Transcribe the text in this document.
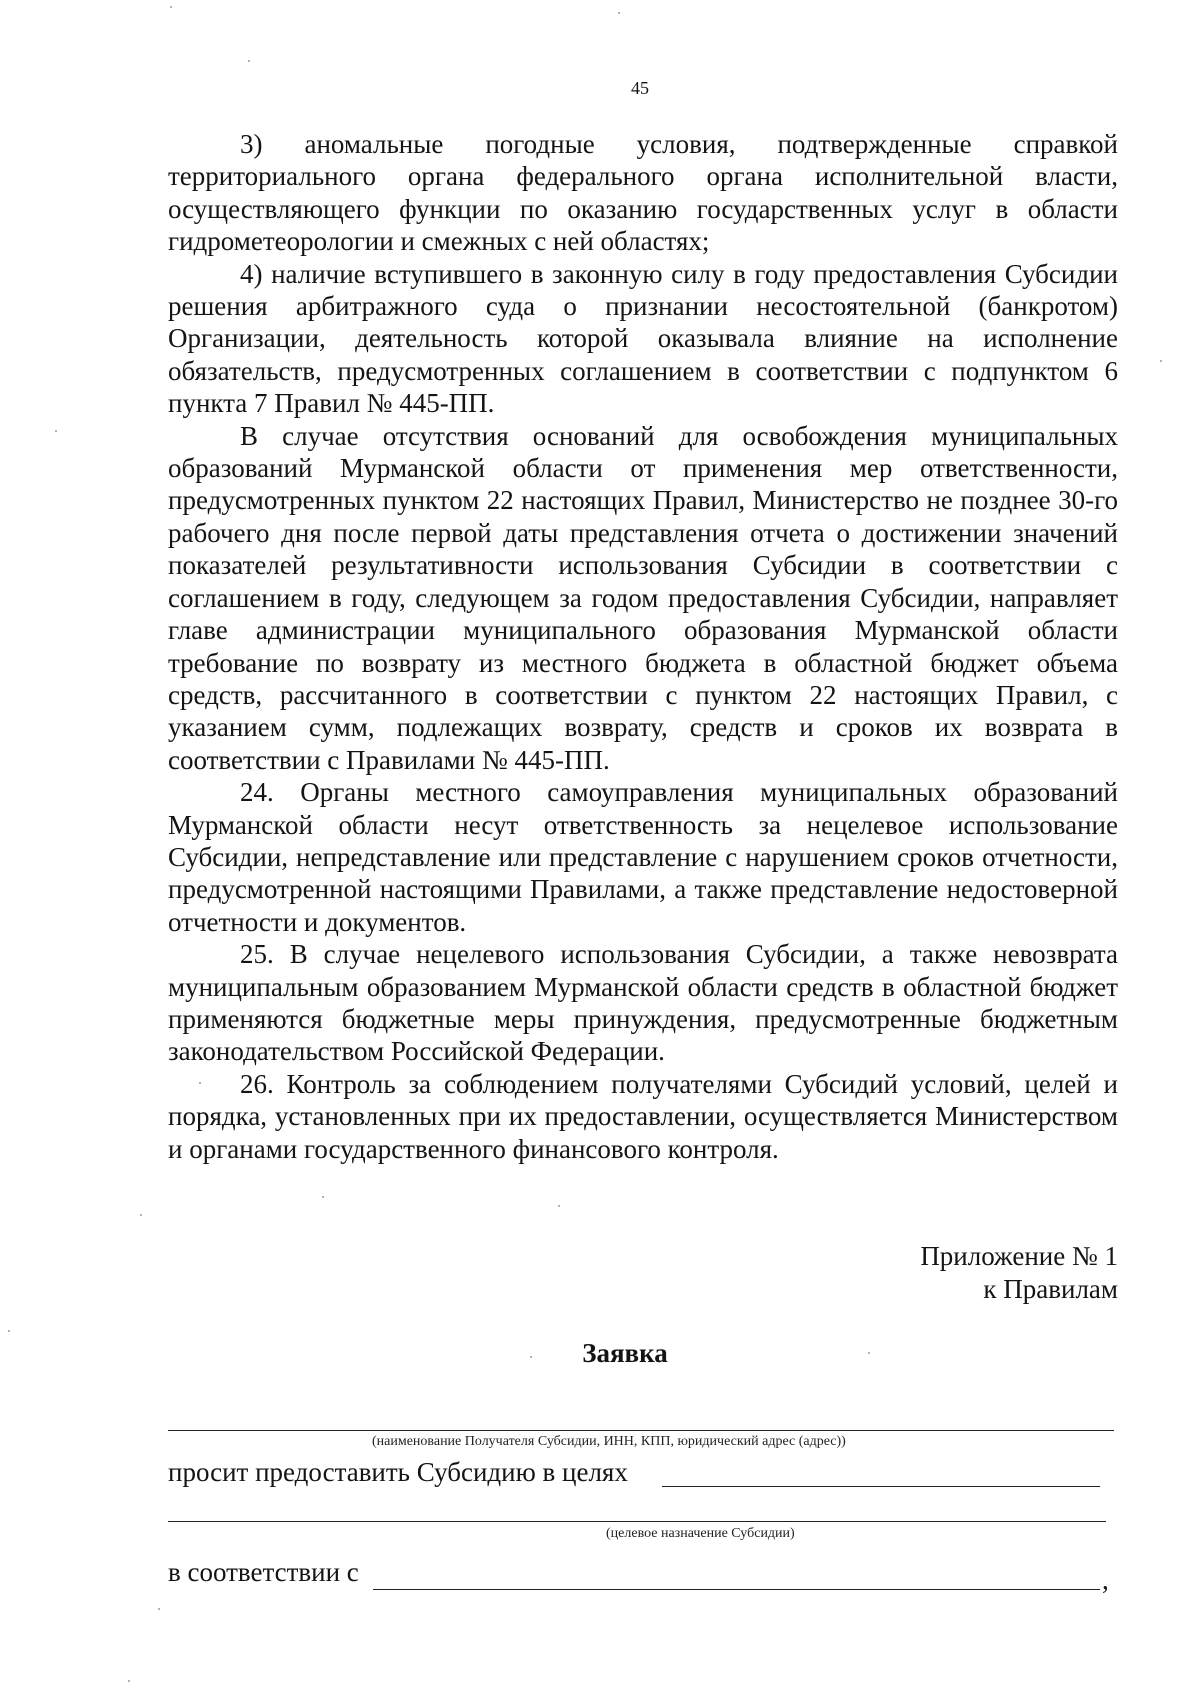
45

3) аномальные погодные условия, подтвержденные справкой территориального органа федерального органа исполнительной власти, осуществляющего функции по оказанию государственных услуг в области гидрометеорологии и смежных с ней областях;

4) наличие вступившего в законную силу в году предоставления Субсидии решения арбитражного суда о признании несостоятельной (банкротом) Организации, деятельность которой оказывала влияние на исполнение обязательств, предусмотренных соглашением в соответствии с подпунктом 6 пункта 7 Правил № 445-ПП.

В случае отсутствия оснований для освобождения муниципальных образований Мурманской области от применения мер ответственности, предусмотренных пунктом 22 настоящих Правил, Министерство не позднее 30-го рабочего дня после первой даты представления отчета о достижении значений показателей результативности использования Субсидии в соответствии с соглашением в году, следующем за годом предоставления Субсидии, направляет главе администрации муниципального образования Мурманской области требование по возврату из местного бюджета в областной бюджет объема средств, рассчитанного в соответствии с пунктом 22 настоящих Правил, с указанием сумм, подлежащих возврату, средств и сроков их возврата в соответствии с Правилами № 445-ПП.

24. Органы местного самоуправления муниципальных образований Мурманской области несут ответственность за нецелевое использование Субсидии, непредставление или представление с нарушением сроков отчетности, предусмотренной настоящими Правилами, а также представление недостоверной отчетности и документов.

25. В случае нецелевого использования Субсидии, а также невозврата муниципальным образованием Мурманской области средств в областной бюджет применяются бюджетные меры принуждения, предусмотренные бюджетным законодательством Российской Федерации.

26. Контроль за соблюдением получателями Субсидий условий, целей и порядка, установленных при их предоставлении, осуществляется Министерством и органами государственного финансового контроля.

Приложение № 1
к Правилам
Заявка
(наименование Получателя Субсидии, ИНН, КПП, юридический адрес (адрес))
просит предоставить Субсидию в целях
(целевое назначение Субсидии)
в соответствии с	,
